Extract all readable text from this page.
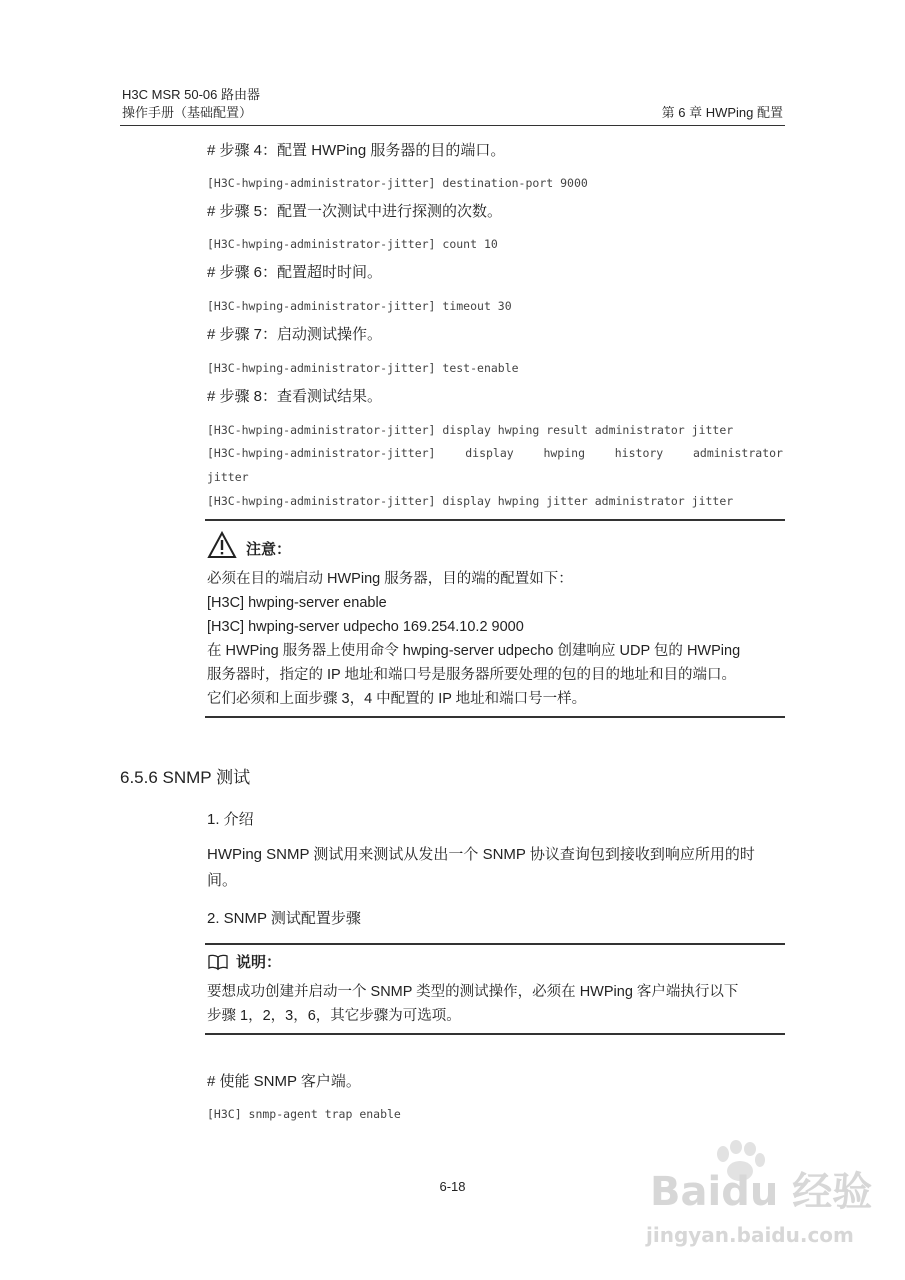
H3C MSR 50-06 路由器
操作手册（基础配置）	第 6 章 HWPing 配置
# 步骤 4：配置 HWPing 服务器的目的端口。
[H3C-hwping-administrator-jitter] destination-port 9000
# 步骤 5：配置一次测试中进行探测的次数。
[H3C-hwping-administrator-jitter] count 10
# 步骤 6：配置超时时间。
[H3C-hwping-administrator-jitter] timeout 30
# 步骤 7：启动测试操作。
[H3C-hwping-administrator-jitter] test-enable
# 步骤 8：查看测试结果。
[H3C-hwping-administrator-jitter] display hwping result administrator jitter
[H3C-hwping-administrator-jitter]	display	hwping	history	administrator
jitter
[H3C-hwping-administrator-jitter] display hwping jitter administrator jitter
注意：
必须在目的端启动 HWPing 服务器，目的端的配置如下：
[H3C] hwping-server enable
[H3C] hwping-server udpecho 169.254.10.2 9000
在 HWPing 服务器上使用命令 hwping-server udpecho 创建响应 UDP 包的 HWPing
服务器时，指定的 IP 地址和端口号是服务器所要处理的包的目的地址和目的端口。
它们必须和上面步骤 3，4 中配置的 IP 地址和端口号一样。
6.5.6 SNMP 测试
1. 介绍
HWPing SNMP 测试用来测试从发出一个 SNMP 协议查询包到接收到响应所用的时
间。
2. SNMP 测试配置步骤
说明：
要想成功创建并启动一个 SNMP 类型的测试操作，必须在 HWPing 客户端执行以下
步骤 1，2，3，6，其它步骤为可选项。
# 使能 SNMP 客户端。
[H3C] snmp-agent trap enable
6-18	Baidu 经验
jingyan.baidu.com
